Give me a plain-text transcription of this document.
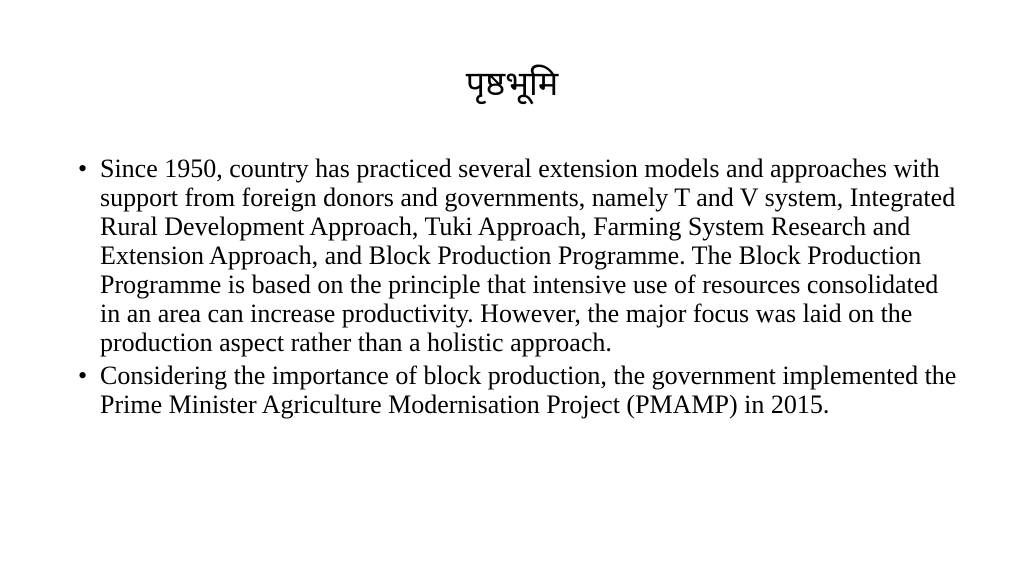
पृष्ठभूमि
• Since 1950, country has practiced several extension models and approaches with support from foreign donors and governments, namely T and V system, Integrated Rural Development Approach, Tuki Approach, Farming System Research and Extension Approach, and Block Production Programme. The Block Production Programme is based on the principle that intensive use of resources consolidated in an area can increase productivity. However, the major focus was laid on the production aspect rather than a holistic approach.
• Considering the importance of block production, the government implemented the Prime Minister Agriculture Modernisation Project (PMAMP) in 2015.
